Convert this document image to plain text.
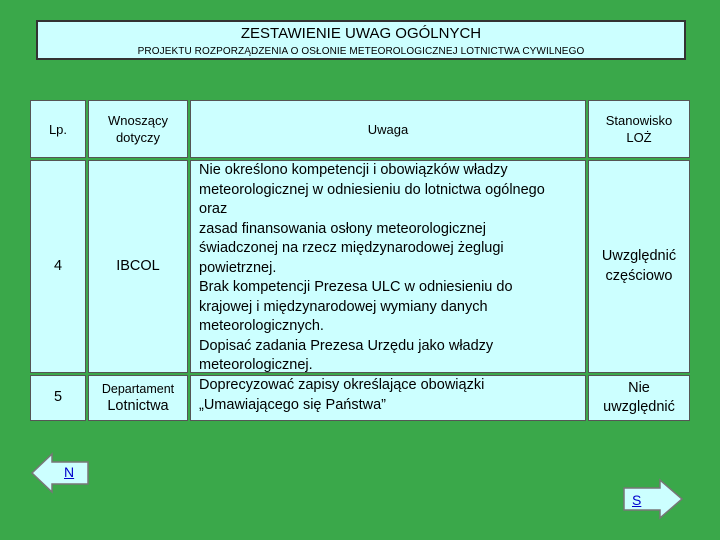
ZESTAWIENIE UWAG OGÓLNYCH
PROJEKTU ROZPORZĄDZENIA O OSŁONIE METEOROLOGICZNEJ LOTNICTWA CYWILNEGO
Lp.
Wnoszący
dotyczy
Uwaga
Stanowisko
LOŻ
4	IBCOL
Nie określono kompetencji i obowiązków władzy
meteorologicznej w odniesieniu do lotnictwa ogólnego
oraz
zasad finansowania osłony meteorologicznej
świadczonej na rzecz międzynarodowej żeglugi
powietrznej.
Brak kompetencji Prezesa ULC w odniesieniu do
krajowej i międzynarodowej wymiany danych
meteorologicznych.
Dopisać zadania Prezesa Urzędu jako władzy
meteorologicznej.
Uwzględnić
częściowo
5
Departament
Lotnictwa
Doprecyzować zapisy określające obowiązki
„Umawiającego się Państwa”
Nie
uwzględnić
N
S
